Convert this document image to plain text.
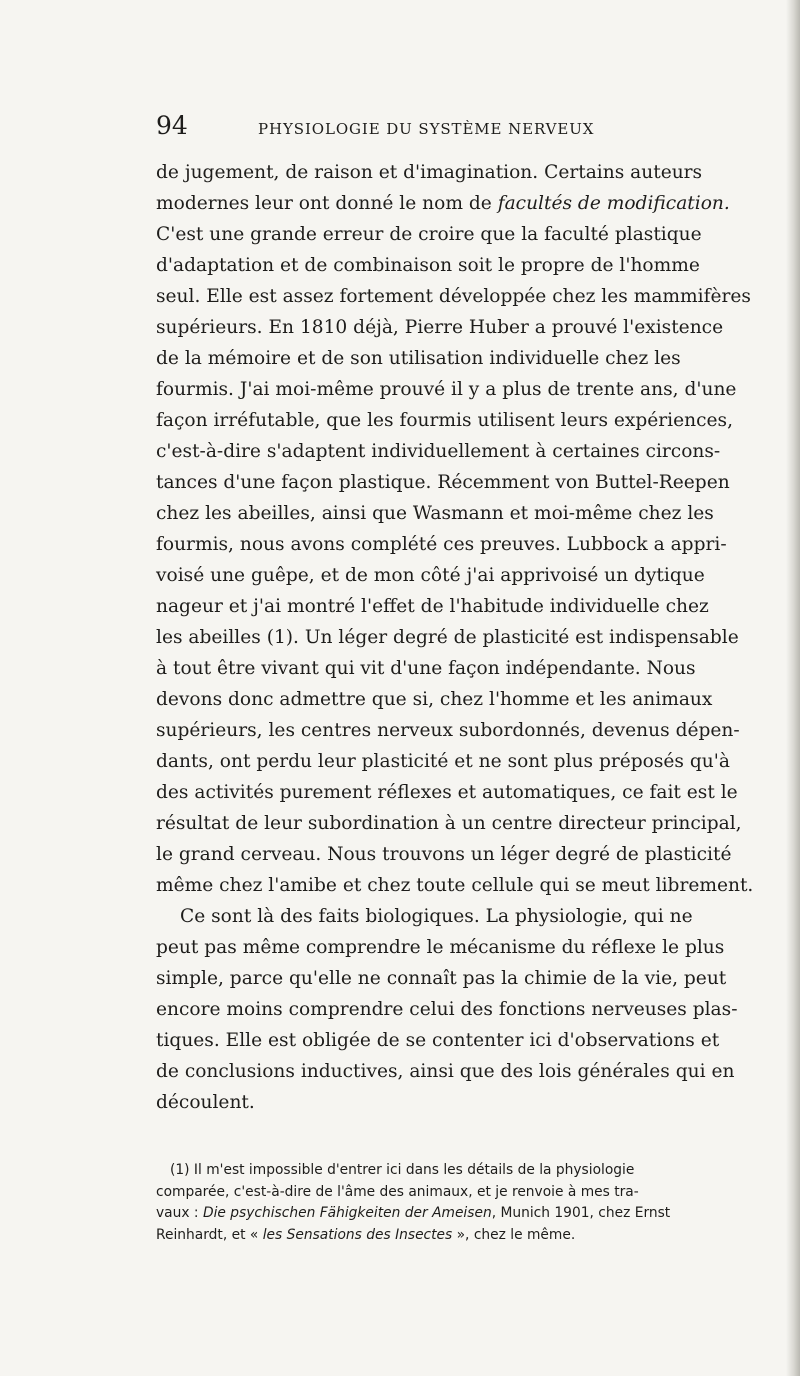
94	PHYSIOLOGIE DU SYSTÈME NERVEUX
de jugement, de raison et d'imagination. Certains auteurs
modernes leur ont donné le nom de facultés de modification.
C'est une grande erreur de croire que la faculté plastique
d'adaptation et de combinaison soit le propre de l'homme
seul. Elle est assez fortement développée chez les mammifères
supérieurs. En 1810 déjà, Pierre Huber a prouvé l'existence
de la mémoire et de son utilisation individuelle chez les
fourmis. J'ai moi-même prouvé il y a plus de trente ans, d'une
façon irréfutable, que les fourmis utilisent leurs expériences,
c'est-à-dire s'adaptent individuellement à certaines circons-
tances d'une façon plastique. Récemment von Buttel-Reepen
chez les abeilles, ainsi que Wasmann et moi-même chez les
fourmis, nous avons complété ces preuves. Lubbock a appri-
voisé une guêpe, et de mon côté j'ai apprivoisé un dytique
nageur et j'ai montré l'effet de l'habitude individuelle chez
les abeilles (1). Un léger degré de plasticité est indispensable
à tout être vivant qui vit d'une façon indépendante. Nous
devons donc admettre que si, chez l'homme et les animaux
supérieurs, les centres nerveux subordonnés, devenus dépen-
dants, ont perdu leur plasticité et ne sont plus préposés qu'à
des activités purement réflexes et automatiques, ce fait est le
résultat de leur subordination à un centre directeur principal,
le grand cerveau. Nous trouvons un léger degré de plasticité
même chez l'amibe et chez toute cellule qui se meut librement.
Ce sont là des faits biologiques. La physiologie, qui ne
peut pas même comprendre le mécanisme du réflexe le plus
simple, parce qu'elle ne connaît pas la chimie de la vie, peut
encore moins comprendre celui des fonctions nerveuses plas-
tiques. Elle est obligée de se contenter ici d'observations et
de conclusions inductives, ainsi que des lois générales qui en
découlent.
(1) Il m'est impossible d'entrer ici dans les détails de la physiologie
comparée, c'est-à-dire de l'âme des animaux, et je renvoie à mes tra-
vaux : Die psychischen Fähigkeiten der Ameisen, Munich 1901, chez Ernst
Reinhardt, et « les Sensations des Insectes », chez le même.
